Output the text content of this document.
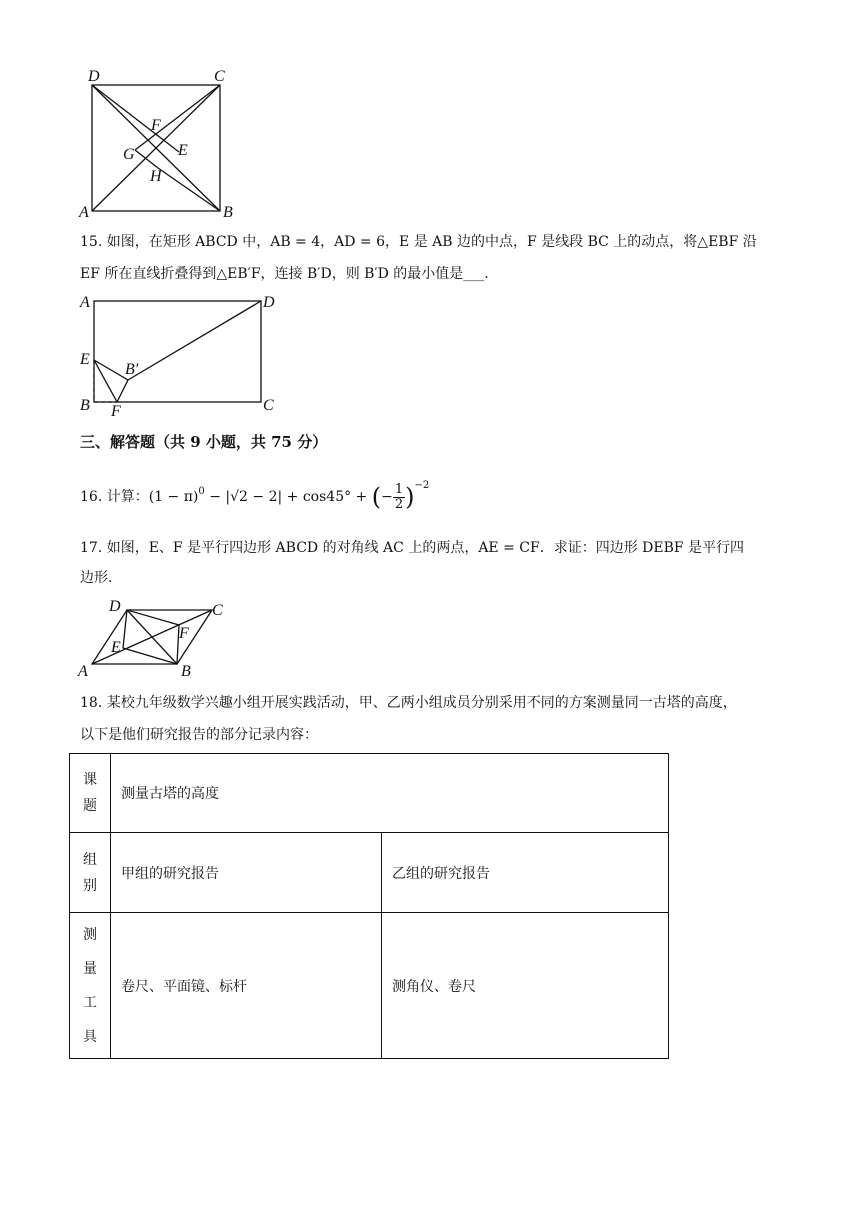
D	C
A	B
F
G	E
H
15. 如图，在矩形 ABCD 中，AB = 4，AD = 6，E 是 AB 边的中点，F 是线段 BC 上的动点，将△EBF 沿
EF 所在直线折叠得到△EB′F，连接 B′D，则 B′D 的最小值是___.
A	D
E
B′
B F	C
三、解答题（共 9 小题，共 75 分）
16. 计算： $(1 - \pi)^0 - |√2 - 2| + \cos 45^\circ$ + ( − $\frac{1}{2} )^{-2}$
17. 如图，E、F 是平行四边形 ABCD 的对角线 AC 上的两点，AE = CF．求证：四边形 DEBF 是平行四
边形.
D	C
A	B
E
F
18. 某校九年级数学兴趣小组开展实践活动，甲、乙两小组成员分别采用不同的方案测量同一古塔的高度，
以下是他们研究报告的部分记录内容：
课
题	测量古塔的高度	

组
别	甲组的研究报告	乙组的研究报告

测
量
工
具	卷尺、平面镜、标杆	测角仪、卷尺
